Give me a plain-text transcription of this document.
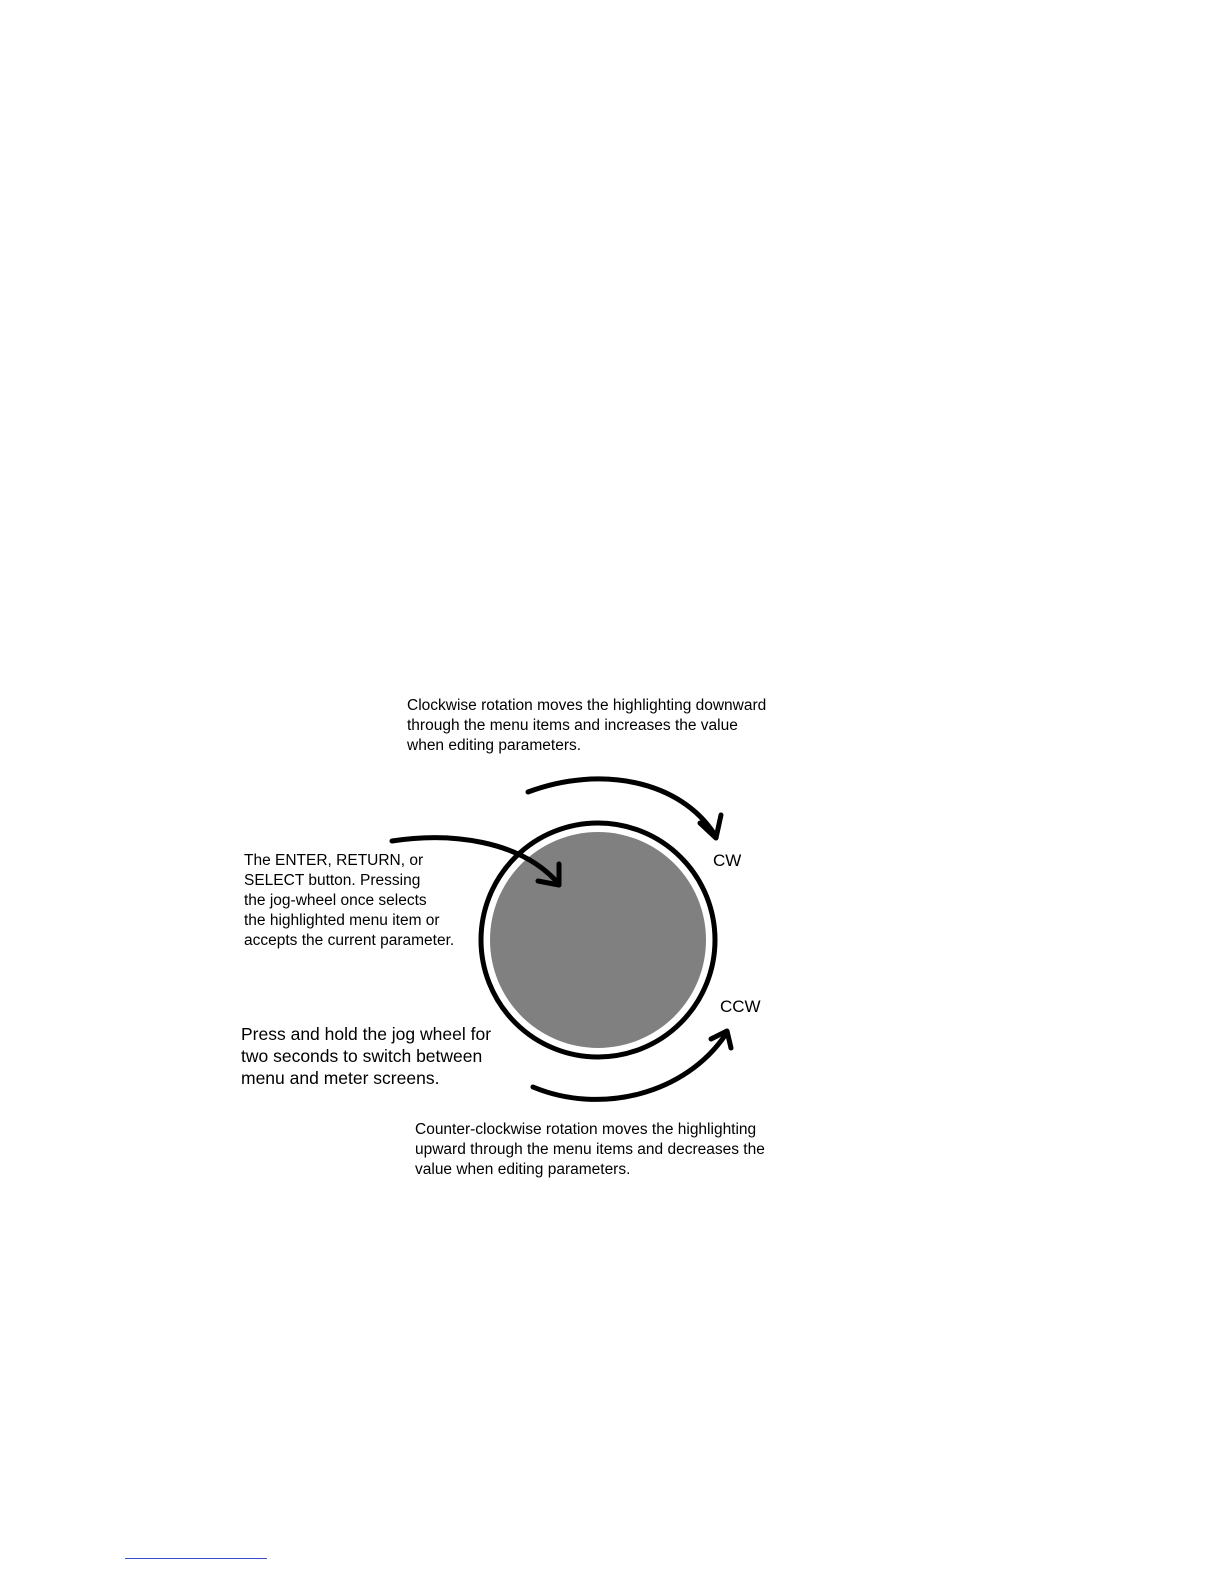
Clockwise rotation moves the highlighting downward
through the menu items and increases the value
when editing parameters.

The ENTER, RETURN, or
SELECT button. Pressing
the jog-wheel once selects
the highlighted menu item or
accepts the current parameter.

Press and hold the jog wheel for
two seconds to switch between
menu and meter screens.

Counter-clockwise rotation moves the highlighting
upward through the menu items and decreases the
value when editing parameters.

CW

CCW
